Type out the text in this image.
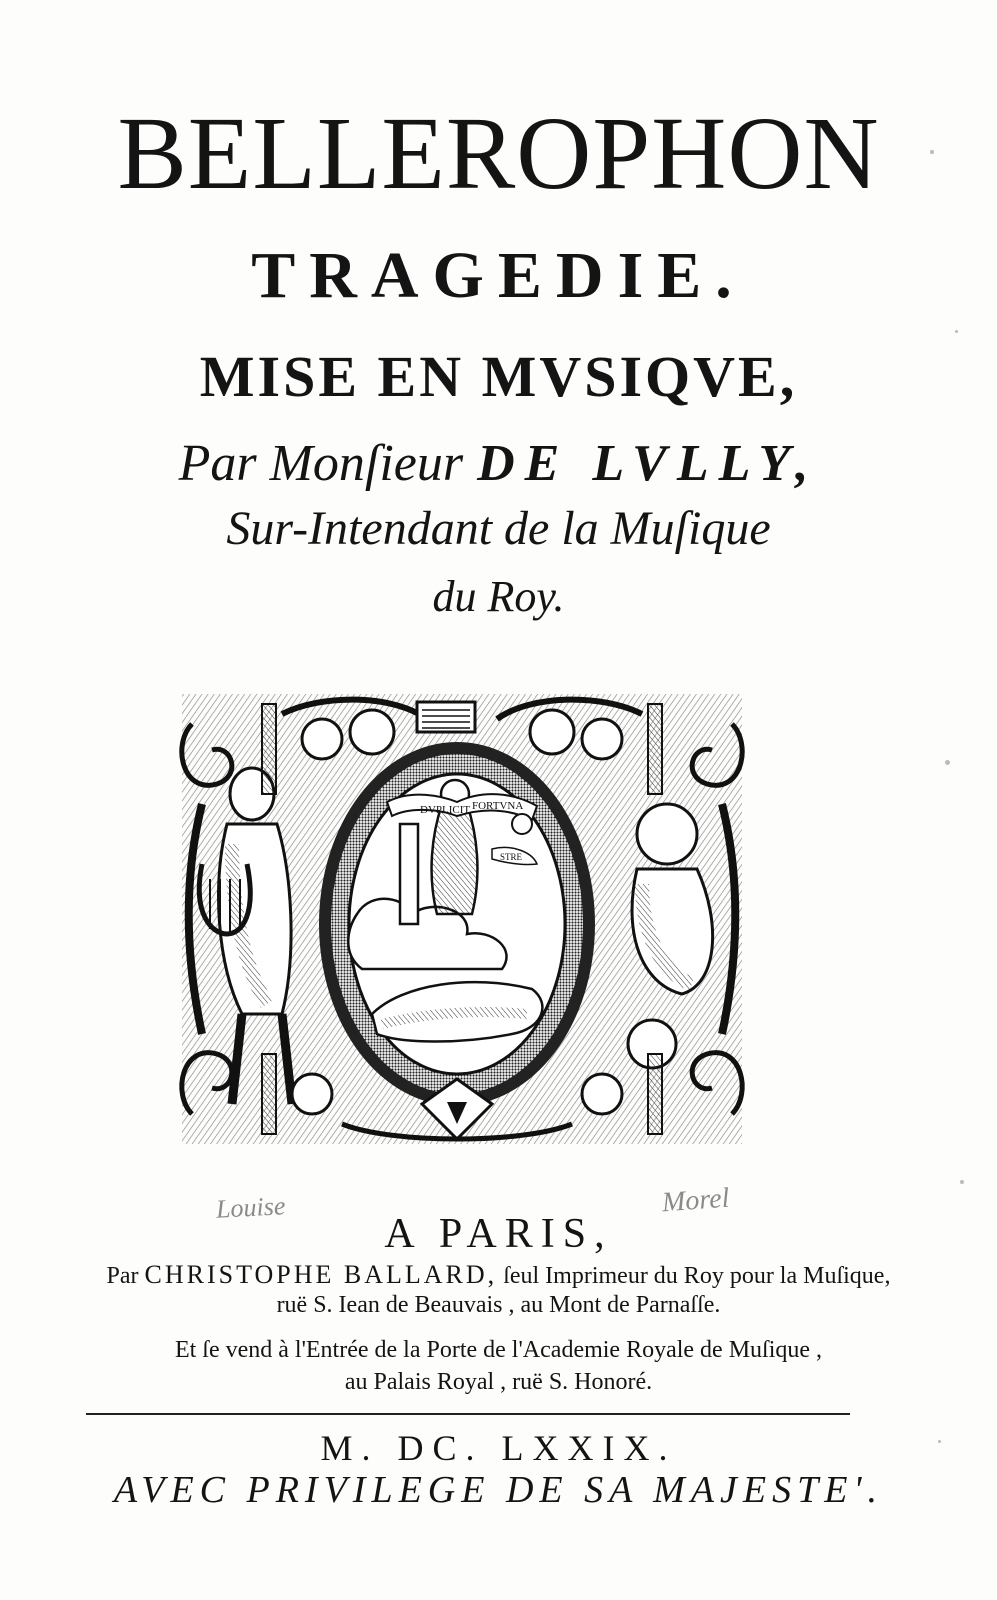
BELLEROPHON
TRAGEDIE.
MISE EN MVSIQVE,
Par Monſieur DE LVLLY,
Sur-Intendant de la Muſique
du Roy.
DVPLICIT FORTVNA
STRE
Louise	Morel
A PARIS,
Par CHRISTOPHE BALLARD, ſeul Imprimeur du Roy pour la Muſique,
ruë S. Iean de Beauvais , au Mont de Parnaſſe.
Et ſe vend à l'Entrée de la Porte de l'Academie Royale de Muſique ,
au Palais Royal , ruë S. Honoré.
M. DC. LXXIX.
AVEC PRIVILEGE DE SA MAJESTE'.
